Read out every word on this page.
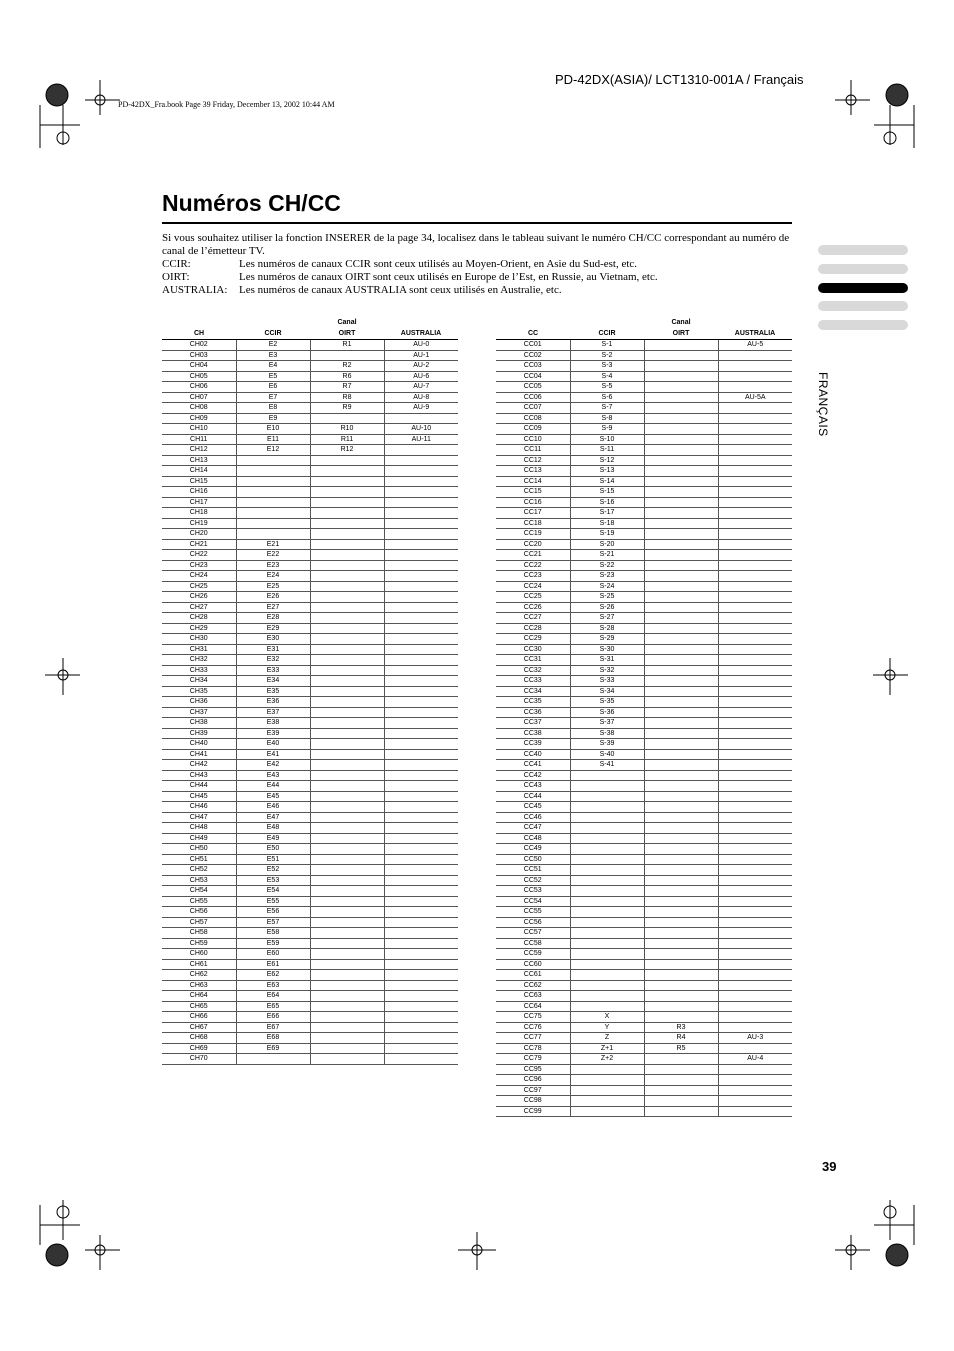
PD-42DX(ASIA)/ LCT1310-001A / Français
PD-42DX_Fra.book Page 39 Friday, December 13, 2002 10:44 AM
Numéros CH/CC
Si vous souhaitez utiliser la fonction INSERER de la page 34, localisez dans le tableau suivant le numéro CH/CC correspondant au numéro de canal de l’émetteur TV.
CCIR:	Les numéros de canaux CCIR sont ceux utilisés au Moyen-Orient, en Asie du Sud-est, etc.
OIRT:	Les numéros de canaux OIRT sont ceux utilisés en Europe de l’Est, en Russie, au Vietnam, etc.
AUSTRALIA:	Les numéros de canaux AUSTRALIA sont ceux utilisés en Australie, etc.
FRANÇAIS
		Canal	
CH	CCIR	OIRT	AUSTRALIA
CH02	E2	R1	AU-0
CH03	E3		AU-1
CH04	E4	R2	AU-2
CH05	E5	R6	AU-6
CH06	E6	R7	AU-7
CH07	E7	R8	AU-8
CH08	E8	R9	AU-9
CH09	E9		
CH10	E10	R10	AU-10
CH11	E11	R11	AU-11
CH12	E12	R12	
CH13			
CH14			
CH15			
CH16			
CH17			
CH18			
CH19			
CH20			
CH21	E21		
CH22	E22		
CH23	E23		
CH24	E24		
CH25	E25		
CH26	E26		
CH27	E27		
CH28	E28		
CH29	E29		
CH30	E30		
CH31	E31		
CH32	E32		
CH33	E33		
CH34	E34		
CH35	E35		
CH36	E36		
CH37	E37		
CH38	E38		
CH39	E39		
CH40	E40		
CH41	E41		
CH42	E42		
CH43	E43		
CH44	E44		
CH45	E45		
CH46	E46		
CH47	E47		
CH48	E48		
CH49	E49		
CH50	E50		
CH51	E51		
CH52	E52		
CH53	E53		
CH54	E54		
CH55	E55		
CH56	E56		
CH57	E57		
CH58	E58		
CH59	E59		
CH60	E60		
CH61	E61		
CH62	E62		
CH63	E63		
CH64	E64		
CH65	E65		
CH66	E66		
CH67	E67		
CH68	E68		
CH69	E69		
CH70			
		Canal	
CC	CCIR	OIRT	AUSTRALIA
CC01	S-1		AU-5
CC02	S-2		
CC03	S-3		
CC04	S-4		
CC05	S-5		
CC06	S-6		AU-5A
CC07	S-7		
CC08	S-8		
CC09	S-9		
CC10	S-10		
CC11	S-11		
CC12	S-12		
CC13	S-13		
CC14	S-14		
CC15	S-15		
CC16	S-16		
CC17	S-17		
CC18	S-18		
CC19	S-19		
CC20	S-20		
CC21	S-21		
CC22	S-22		
CC23	S-23		
CC24	S-24		
CC25	S-25		
CC26	S-26		
CC27	S-27		
CC28	S-28		
CC29	S-29		
CC30	S-30		
CC31	S-31		
CC32	S-32		
CC33	S-33		
CC34	S-34		
CC35	S-35		
CC36	S-36		
CC37	S-37		
CC38	S-38		
CC39	S-39		
CC40	S-40		
CC41	S-41		
CC42			
CC43			
CC44			
CC45			
CC46			
CC47			
CC48			
CC49			
CC50			
CC51			
CC52			
CC53			
CC54			
CC55			
CC56			
CC57			
CC58			
CC59			
CC60			
CC61			
CC62			
CC63			
CC64			
CC75	X		
CC76	Y	R3	
CC77	Z	R4	AU-3
CC78	Z+1	R5	
CC79	Z+2		AU-4
CC95			
CC96			
CC97			
CC98			
CC99			
39
